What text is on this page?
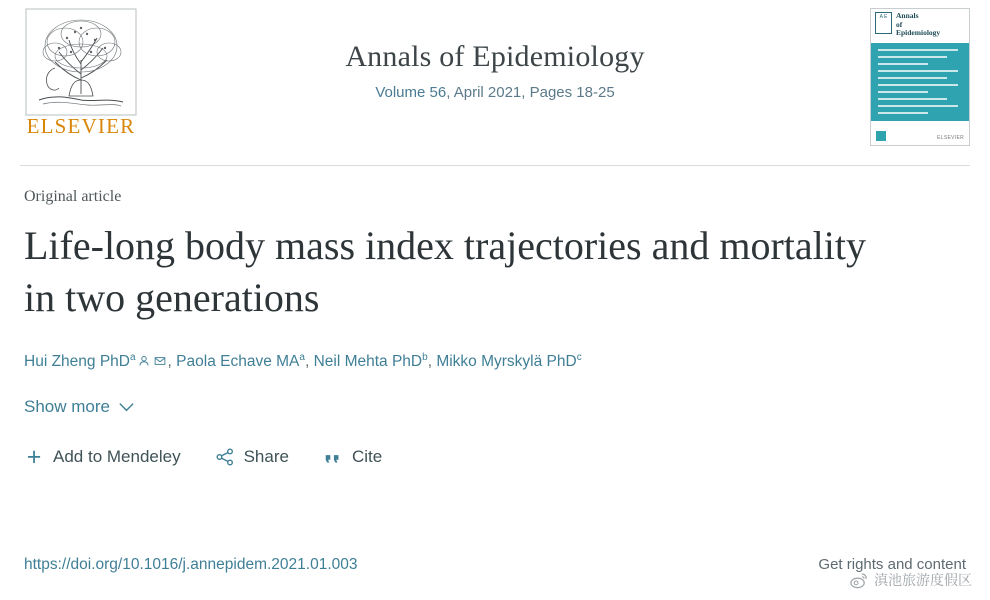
ELSEVIER
Annals of Epidemiology
Volume 56, April 2021, Pages 18-25
A E	Annals
of
Epidemiology
ELSEVIER
Original article
Life-long body mass index trajectories and mortality in two generations
Hui Zheng PhD$^a$ , Paola Echave $MA^a$, Neil Mehta PhD$^b$, Mikko Myrskylä PhD$^c$
Show more
+ Add to Mendeley	Share	Cite
https://doi.org/10.1016/j.annepidem.2021.01.003	Get rights and content
滇池旅游度假区
